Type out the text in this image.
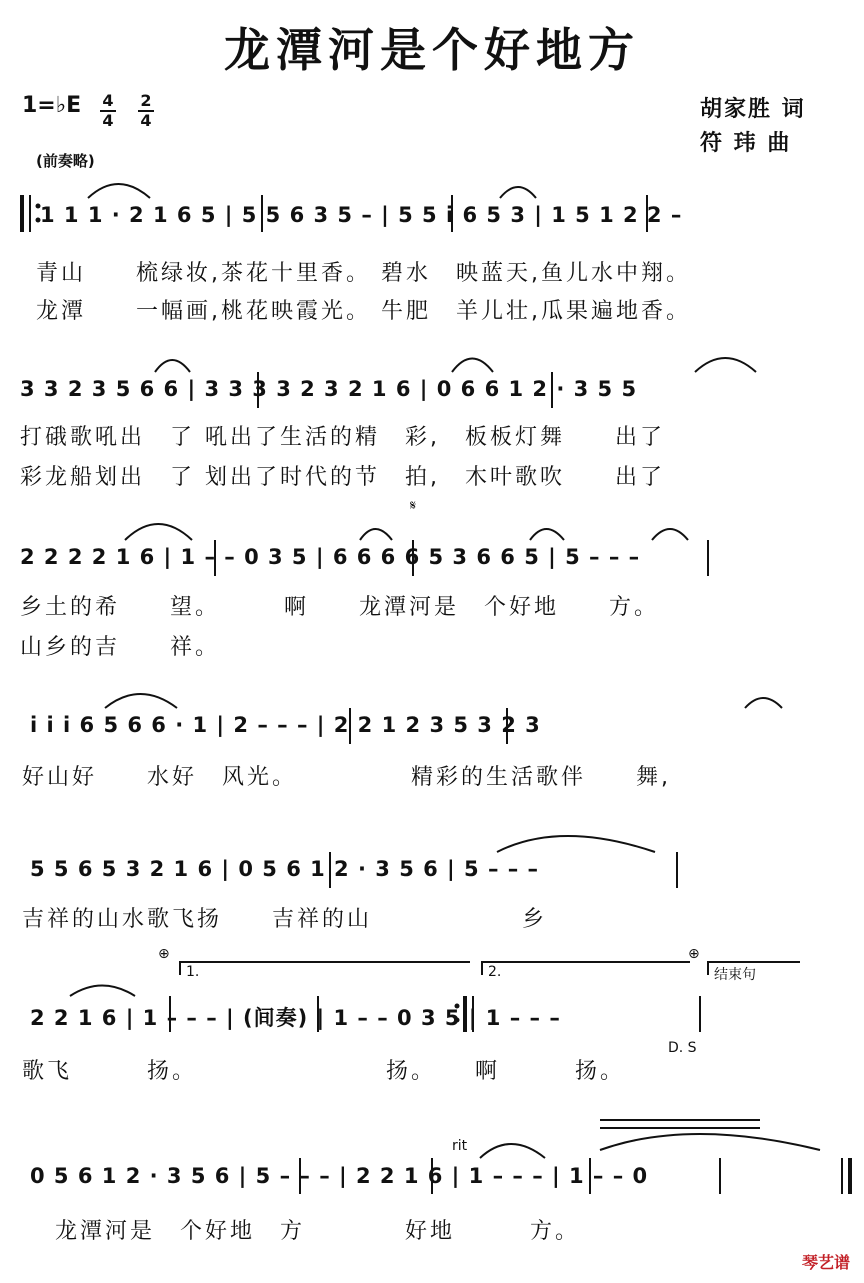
龙潭河是个好地方
1=♭E 4
4
2
4	胡家胜 词
符 玮 曲
(前奏略)
1 1 1 · 2 1 6 5 | 5 5 6 3 5 – | 5 5 i 6 5 3 | 1 5 1 2 2 –
青山　　梳绿妆,茶花十里香。 碧水　映蓝天,鱼儿水中翔。
龙潭　　一幅画,桃花映霞光。 牛肥　羊儿壮,瓜果遍地香。
3 3 2 3 5 6 6 | 3 3 3 3 2 3 2 1 6 | 0 6 6 1 2 · 3 5 5
打硪歌吼出　了 吼出了生活的精　彩,　板板灯舞　　出了
彩龙船划出　了 划出了时代的节　拍,　木叶歌吹　　出了
𝄋
2 2 2 2 1 6 | 1 – – 0 3 5 | 6 6 6 6 5 3 6 6 5 | 5 – – –
乡土的希　　望。　　　啊　　龙潭河是　个好地　　方。
山乡的吉　　祥。
i i i 6 5 6 6 · 1 | 2 – – – | 2 2 1 2 3 5 3 2 3
好山好　　水好　风光。　　　　　精彩的生活歌伴　　舞,
5 5 6 5 3 2 1 6 | 0 5 6 1 2 · 3 5 6 | 5 – – –
吉祥的山水歌飞扬　　吉祥的山　　　　　　乡
⊕
1.	2.
⊕
结束句
2 2 1 6 | 1 – – – | (间奏) | 1 – – 0 3 5 | 1 – – –
D. S
歌飞　　　扬。　　　　　　　　扬。　　啊　　　扬。
rit
0 5 6 1 2 · 3 5 6 | 5 – – – | 2 2 1 6 | 1 – – – | 1 – – 0
　龙潭河是　个好地　方　　　　好地　　　方。
琴艺谱
